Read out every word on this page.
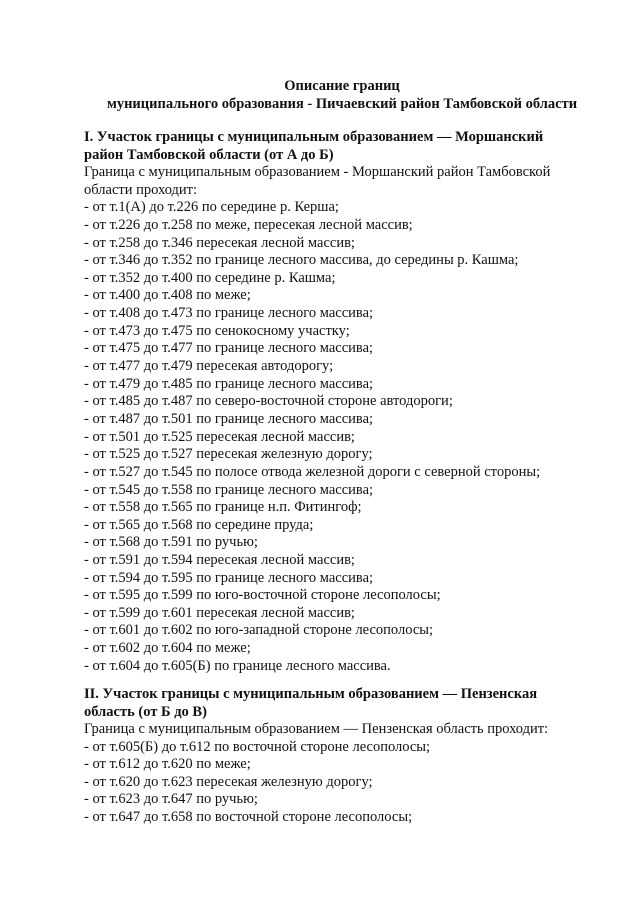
Описание границ
муниципального образования - Пичаевский район Тамбовской области
I. Участок границы с муниципальным образованием — Моршанский
район Тамбовской области (от А до Б)
Граница с муниципальным образованием - Моршанский район Тамбовской
области проходит:
- от т.1(А) до т.226 по середине р. Керша;
- от т.226 до т.258 по меже, пересекая лесной массив;
- от т.258 до т.346 пересекая лесной массив;
- от т.346 до т.352 по границе лесного массива, до середины р. Кашма;
- от т.352 до т.400 по середине р. Кашма;
- от т.400 до т.408 по меже;
- от т.408 до т.473 по границе лесного массива;
- от т.473 до т.475 по сенокосному участку;
- от т.475 до т.477 по границе лесного массива;
- от т.477 до т.479 пересекая автодорогу;
- от т.479 до т.485 по границе лесного массива;
- от т.485 до т.487 по северо-восточной стороне автодороги;
- от т.487 до т.501 по границе лесного массива;
- от т.501 до т.525 пересекая лесной массив;
- от т.525 до т.527 пересекая железную дорогу;
- от т.527 до т.545 по полосе отвода железной дороги с северной стороны;
- от т.545 до т.558 по границе лесного массива;
- от т.558 до т.565 по границе н.п. Фитингоф;
- от т.565 до т.568 по середине пруда;
- от т.568 до т.591 по ручью;
- от т.591 до т.594 пересекая лесной массив;
- от т.594 до т.595 по границе лесного массива;
- от т.595 до т.599 по юго-восточной стороне лесополосы;
- от т.599 до т.601 пересекая лесной массив;
- от т.601 до т.602 по юго-западной стороне лесополосы;
- от т.602 до т.604 по меже;
- от т.604 до т.605(Б) по границе лесного массива.
II. Участок границы с муниципальным образованием — Пензенская
область (от Б до В)
Граница с муниципальным образованием — Пензенская область проходит:
- от т.605(Б) до т.612 по восточной стороне лесополосы;
- от т.612 до т.620 по меже;
- от т.620 до т.623 пересекая железную дорогу;
- от т.623 до т.647 по ручью;
- от т.647 до т.658 по восточной стороне лесополосы;
